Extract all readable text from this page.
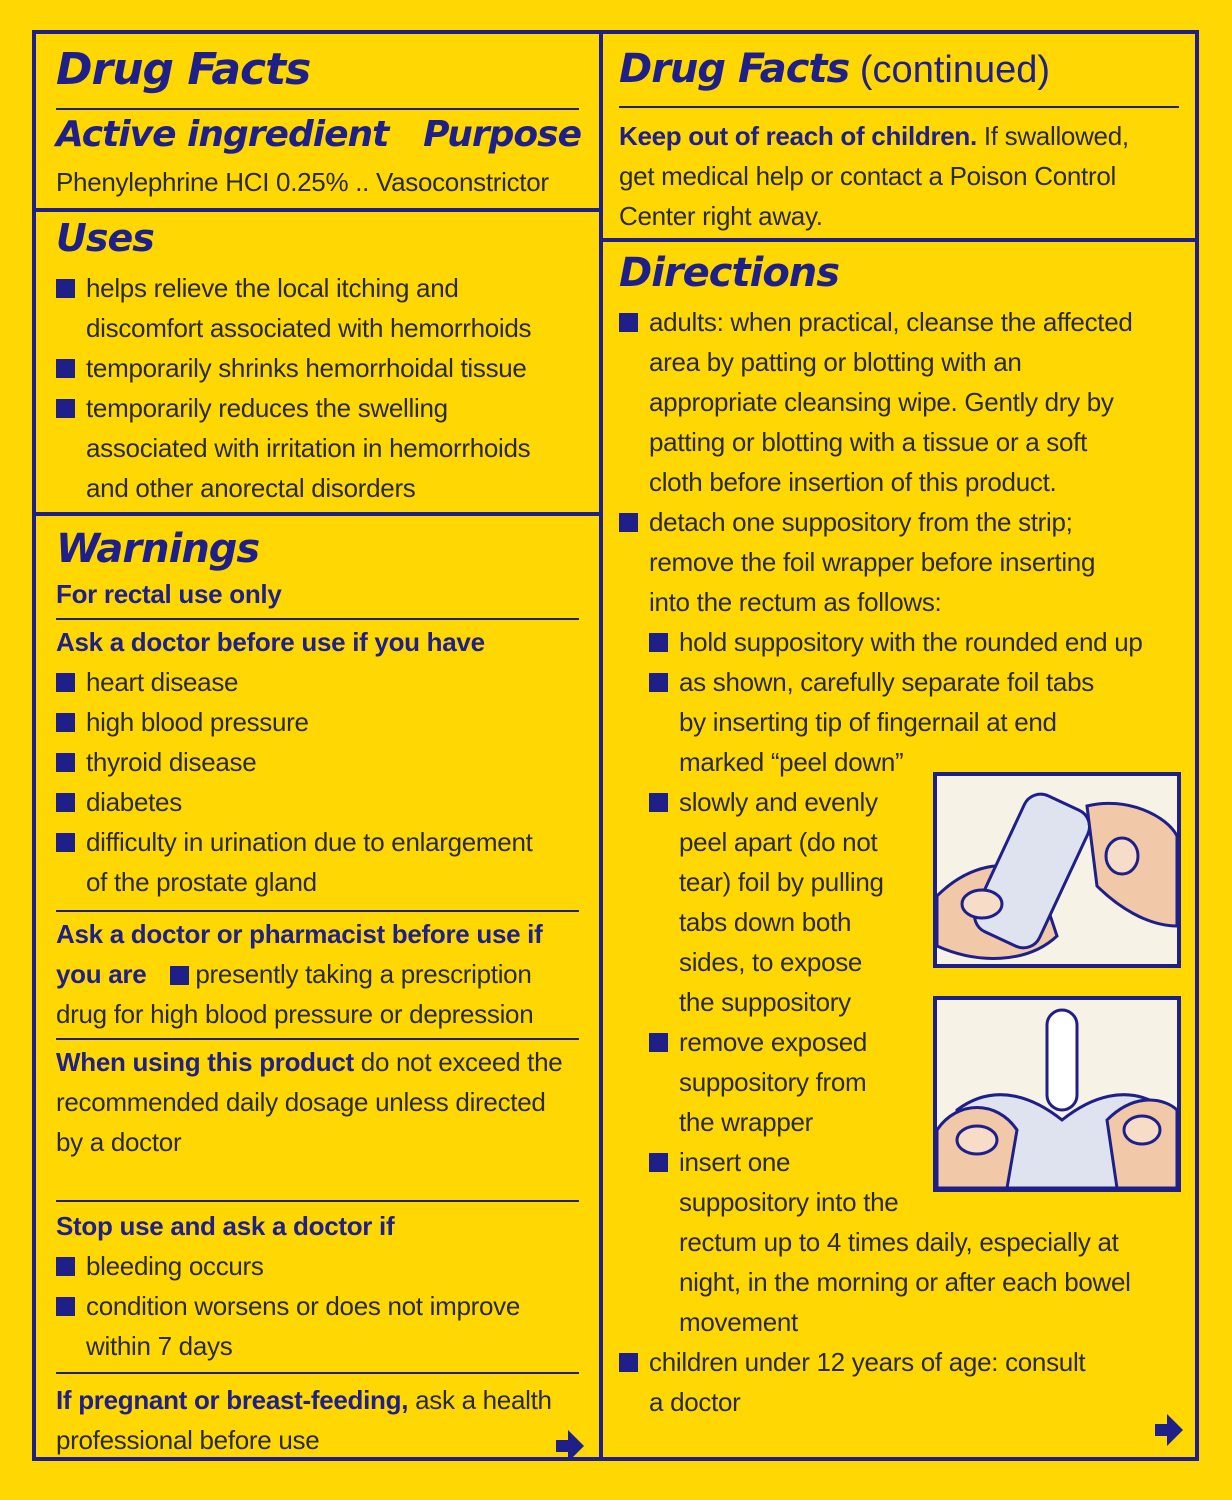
Drug Facts
Active ingredient Purpose
Phenylephrine HCI 0.25% .. Vasoconstrictor
Uses
helps relieve the local itching and
discomfort associated with hemorrhoids
temporarily shrinks hemorrhoidal tissue
temporarily reduces the swelling
associated with irritation in hemorrhoids
and other anorectal disorders
Warnings
For rectal use only
Ask a doctor before use if you have
heart disease
high blood pressure
thyroid disease
diabetes
difficulty in urination due to enlargement
of the prostate gland
Ask a doctor or pharmacist before use if
you are presently taking a prescription
drug for high blood pressure or depression
When using this product do not exceed the
recommended daily dosage unless directed
by a doctor
Stop use and ask a doctor if
bleeding occurs
condition worsens or does not improve
within 7 days
If pregnant or breast-feeding, ask a health
professional before use
Drug Facts (continued)
Keep out of reach of children. If swallowed,
get medical help or contact a Poison Control
Center right away.
Directions
adults: when practical, cleanse the affected
area by patting or blotting with an
appropriate cleansing wipe. Gently dry by
patting or blotting with a tissue or a soft
cloth before insertion of this product.
detach one suppository from the strip;
remove the foil wrapper before inserting
into the rectum as follows:
hold suppository with the rounded end up
as shown, carefully separate foil tabs
by inserting tip of fingernail at end
marked “peel down”
slowly and evenly
peel apart (do not
tear) foil by pulling
tabs down both
sides, to expose
the suppository
remove exposed
suppository from
the wrapper
insert one
suppository into the
rectum up to 4 times daily, especially at
night, in the morning or after each bowel
movement
children under 12 years of age: consult
a doctor
